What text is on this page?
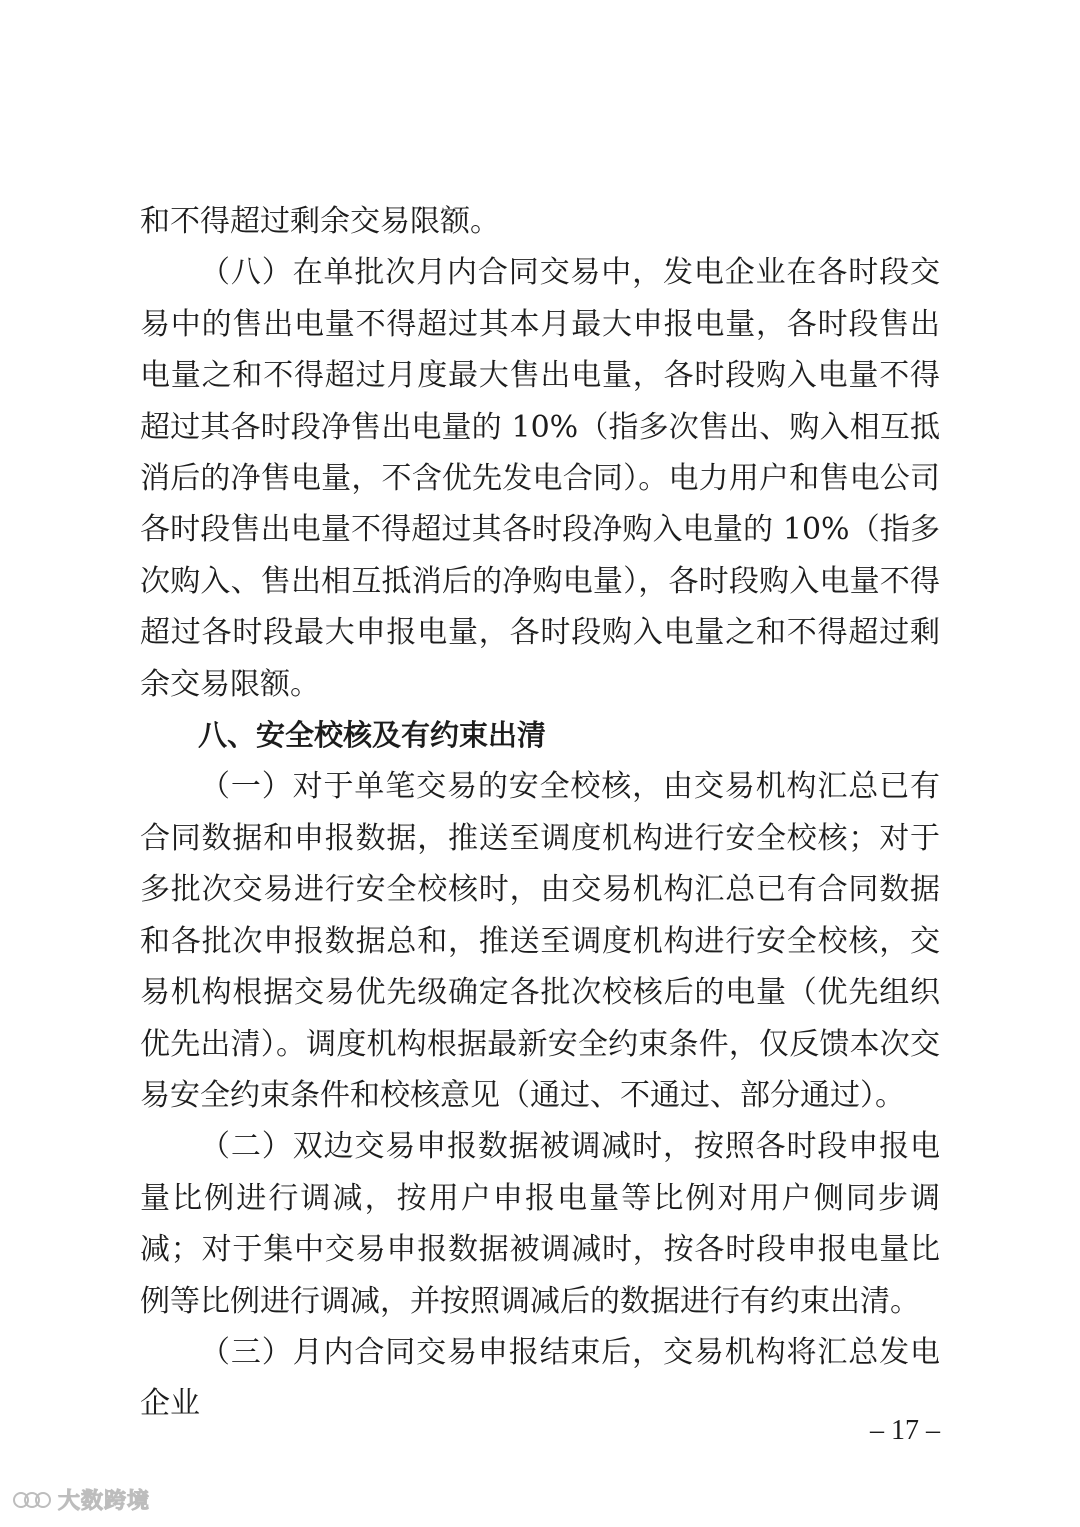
和不得超过剩余交易限额。

（八）在单批次月内合同交易中，发电企业在各时段交易中的售出电量不得超过其本月最大申报电量，各时段售出电量之和不得超过月度最大售出电量，各时段购入电量不得超过其各时段净售出电量的 10%（指多次售出、购入相互抵消后的净售电量，不含优先发电合同）。电力用户和售电公司各时段售出电量不得超过其各时段净购入电量的 10%（指多次购入、售出相互抵消后的净购电量），各时段购入电量不得超过各时段最大申报电量，各时段购入电量之和不得超过剩余交易限额。

八、安全校核及有约束出清

（一）对于单笔交易的安全校核，由交易机构汇总已有合同数据和申报数据，推送至调度机构进行安全校核；对于多批次交易进行安全校核时，由交易机构汇总已有合同数据和各批次申报数据总和，推送至调度机构进行安全校核，交易机构根据交易优先级确定各批次校核后的电量（优先组织优先出清）。调度机构根据最新安全约束条件，仅反馈本次交易安全约束条件和校核意见（通过、不通过、部分通过）。

（二）双边交易申报数据被调减时，按照各时段申报电量比例进行调减，按用户申报电量等比例对用户侧同步调减；对于集中交易申报数据被调减时，按各时段申报电量比例等比例进行调减，并按照调减后的数据进行有约束出清。

（三）月内合同交易申报结束后，交易机构将汇总发电企业

– 17 –
大数跨境
